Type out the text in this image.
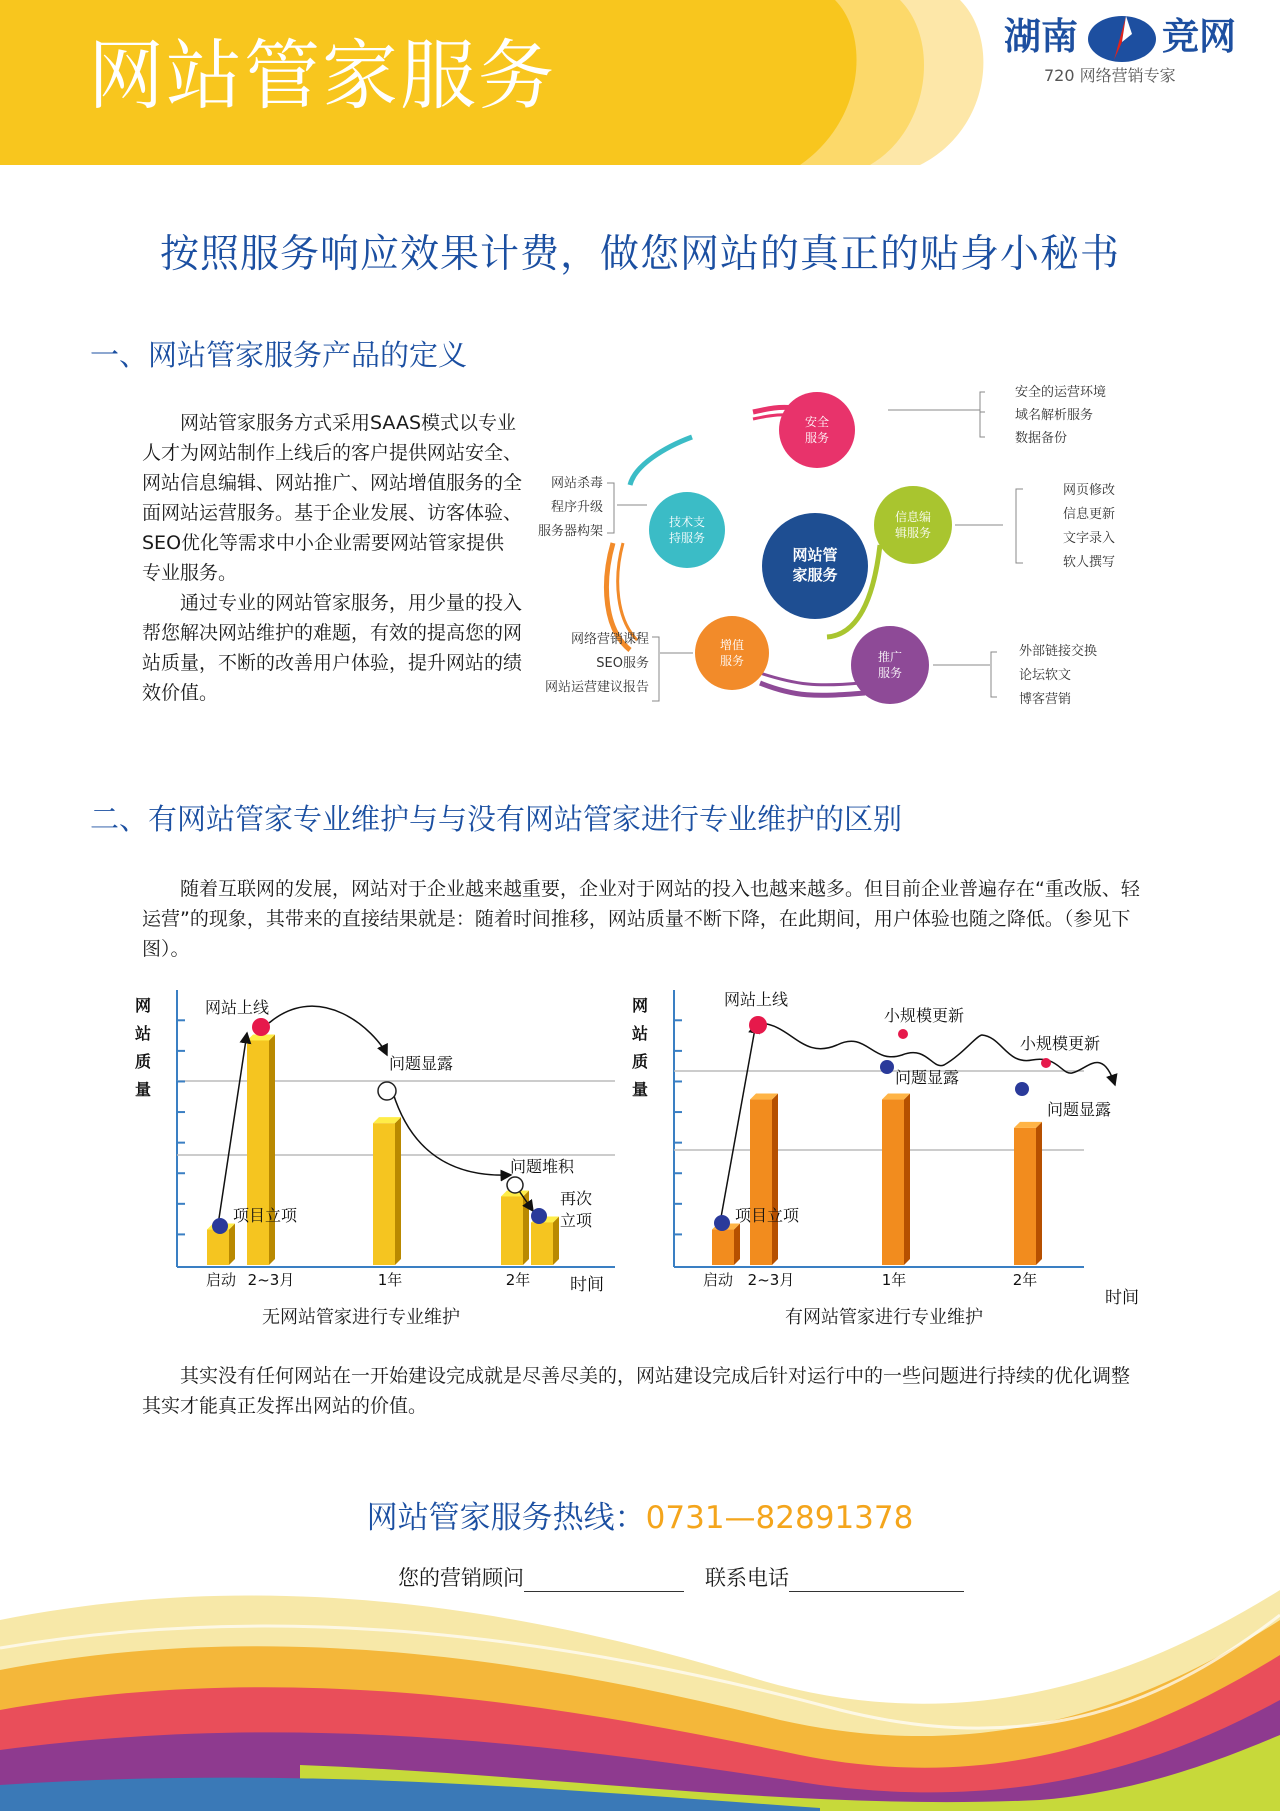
网站管家服务	湖南 竞网
720 网络营销专家
按照服务响应效果计费，做您网站的真正的贴身小秘书
一、网站管家服务产品的定义

网站管家服务方式采用SAAS模式以专业人才为网站制作上线后的客户提供网站安全、网站信息编辑、网站推广、网站增值服务的全面网站运营服务。基于企业发展、访客体验、SEO优化等需求中小企业需要网站管家提供专业服务。

通过专业的网站管家服务，用少量的投入帮您解决网站维护的难题，有效的提高您的网站质量，不断的改善用户体验，提升网站的绩效价值。

网站管
家服务
安全
服务
安全的运营环境
域名解析服务
数据备份
信息编
辑服务
网页修改
信息更新
文字录入
软人撰写
推广
服务
外部链接交换
论坛软文
博客营销
增值
服务
网络营销课程
SEO服务
网站运营建议报告
技术支
持服务
网站杀毒
程序升级
服务器构架
二、有网站管家专业维护与与没有网站管家进行专业维护的区别

随着互联网的发展，网站对于企业越来越重要，企业对于网站的投入也越来越多。但目前企业普遍存在“重改版、轻运营”的现象，其带来的直接结果就是：随着时间推移，网站质量不断下降，在此期间，用户体验也随之降低。（参见下图）。

网
站
质
量
启动 2~3月	1年	2年 时间
网站上线
问题显露
问题堆积
项目立项
再次
立项
无网站管家进行专业维护
网
站
质
量
启动 2~3月	1年	2年
时间
网站上线
小规模更新
问题显露
小规模更新
问题显露
项目立项
有网站管家进行专业维护

其实没有任何网站在一开始建设完成就是尽善尽美的，网站建设完成后针对运行中的一些问题进行持续的优化调整其实才能真正发挥出网站的价值。

网站管家服务热线：0731—82891378
您的营销顾问	联系电话
